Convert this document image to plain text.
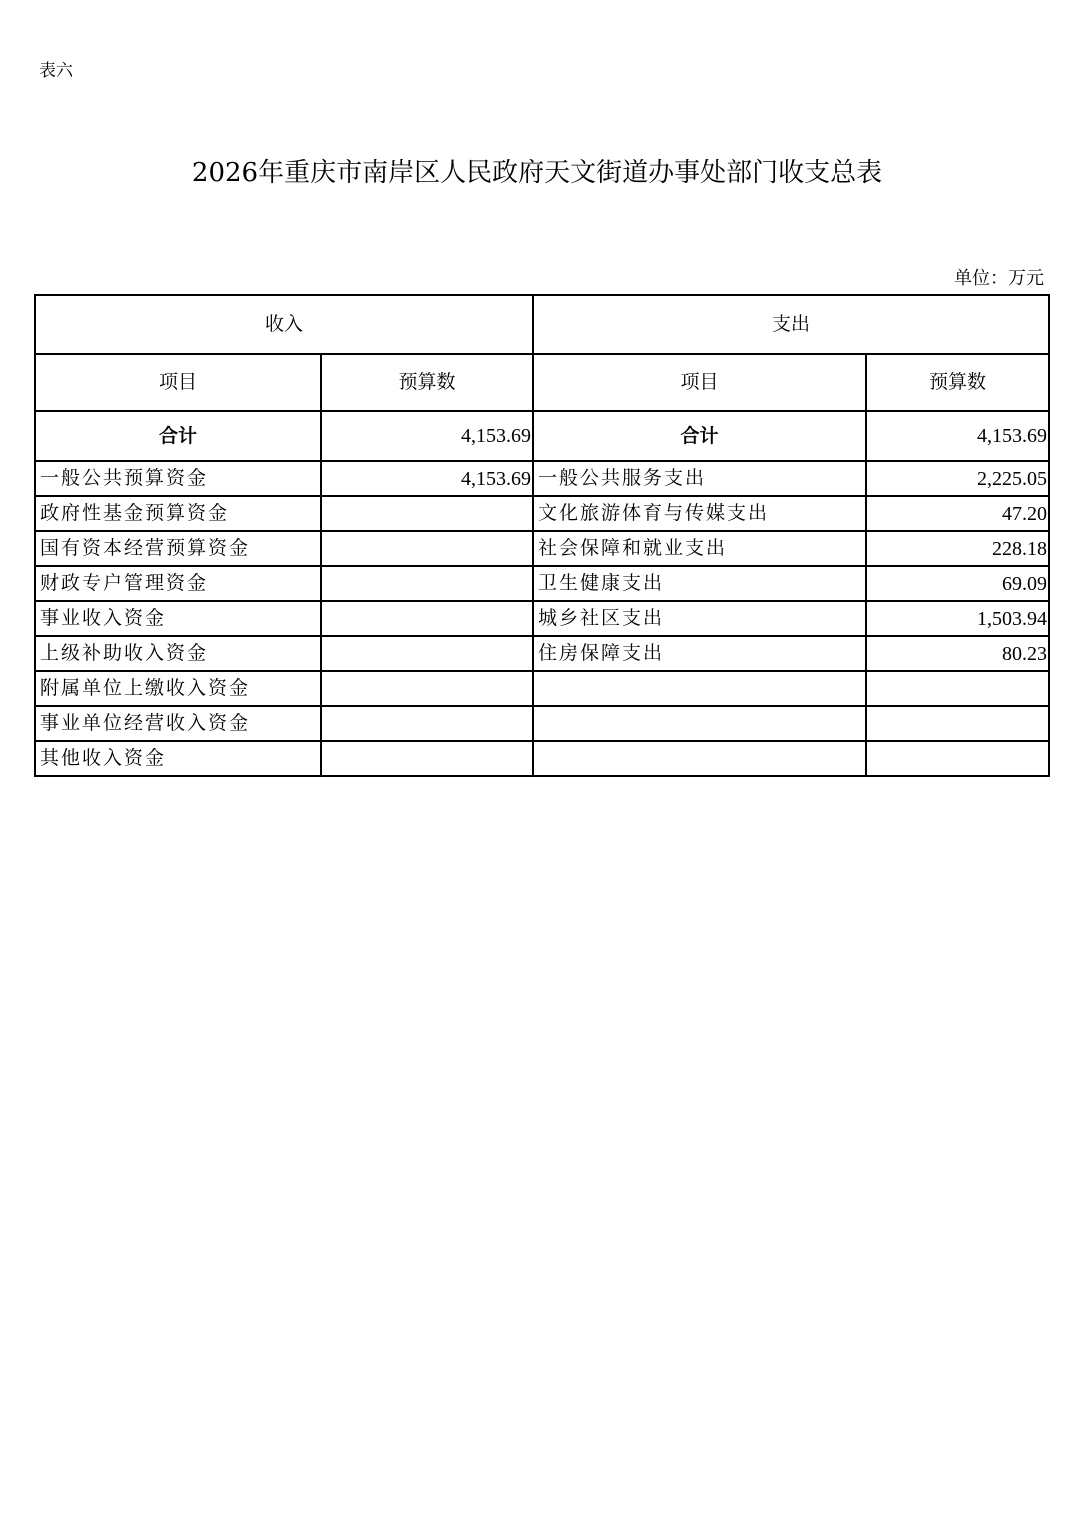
表六
2026年重庆市南岸区人民政府天文街道办事处部门收支总表
单位：万元
收入		支出	
项目	预算数	项目	预算数
合计	4,153.69	合计	4,153.69
一般公共预算资金	4,153.69	一般公共服务支出	2,225.05
政府性基金预算资金		文化旅游体育与传媒支出	47.20
国有资本经营预算资金		社会保障和就业支出	228.18
财政专户管理资金		卫生健康支出	69.09
事业收入资金		城乡社区支出	1,503.94
上级补助收入资金		住房保障支出	80.23
附属单位上缴收入资金			
事业单位经营收入资金			
其他收入资金			
